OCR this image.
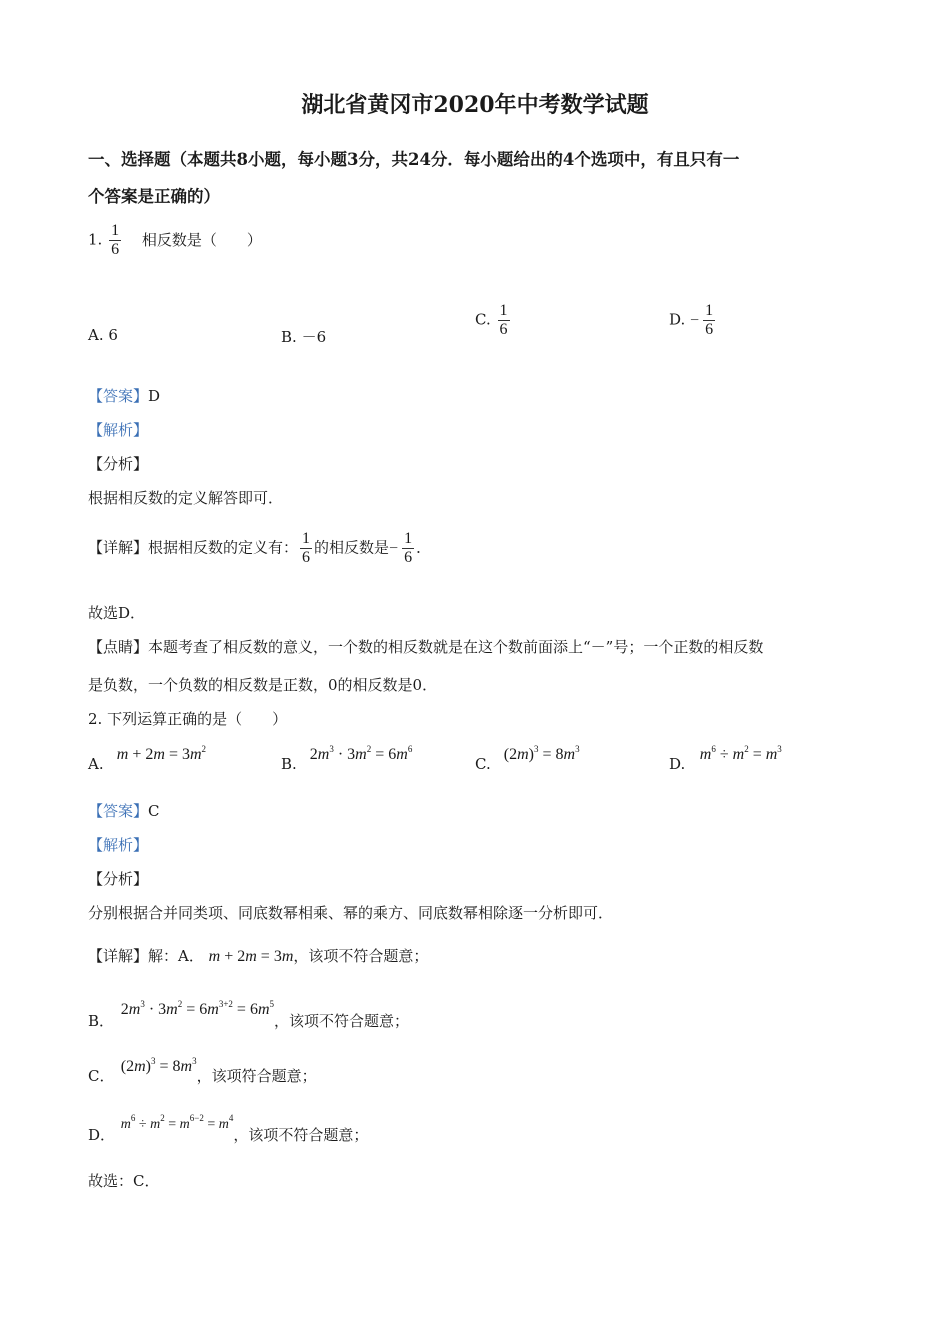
湖北省黄冈市2020年中考数学试题
一、选择题（本题共8小题，每小题3分，共24分．每小题给出的4个选项中，有且只有一
个答案是正确的）
1. $\frac{1}{6}$ 相反数是（　　）
A. 6	B. －6
C. $\frac{1}{6}$	D. − $\frac{1}{6}$
【答案】D
【解析】
【分析】
根据相反数的定义解答即可．
【详解】根据相反数的定义有： $\frac{1}{6}$ 的相反数是− $\frac{1}{6}$ ．
故选D．
【点睛】本题考查了相反数的意义，一个数的相反数就是在这个数前面添上“－”号；一个正数的相反数
是负数，一个负数的相反数是正数，0的相反数是0．
2. 下列运算正确的是（　　）
A. $m + 2m = 3m^2$
B. $2m^3 \cdot 3m^2 = 6m^6$
C. $(2m)^3 = 8m^3$
D. $m^6 \div m^2 = m^3$
【答案】C
【解析】
【分析】
分别根据合并同类项、同底数幂相乘、幂的乘方、同底数幂相除逐一分析即可．
【详解】解：A． m + 2m = 3m，该项不符合题意；
B． $2m^3 \cdot 3m^2 = 6m^{3+2} = 6m^5$，该项不符合题意；
C． $(2m)^3 = 8m^3$，该项符合题意；
D． $m^6 \div m^2 = m^{6-2} = m^4$，该项不符合题意；
故选：C．
